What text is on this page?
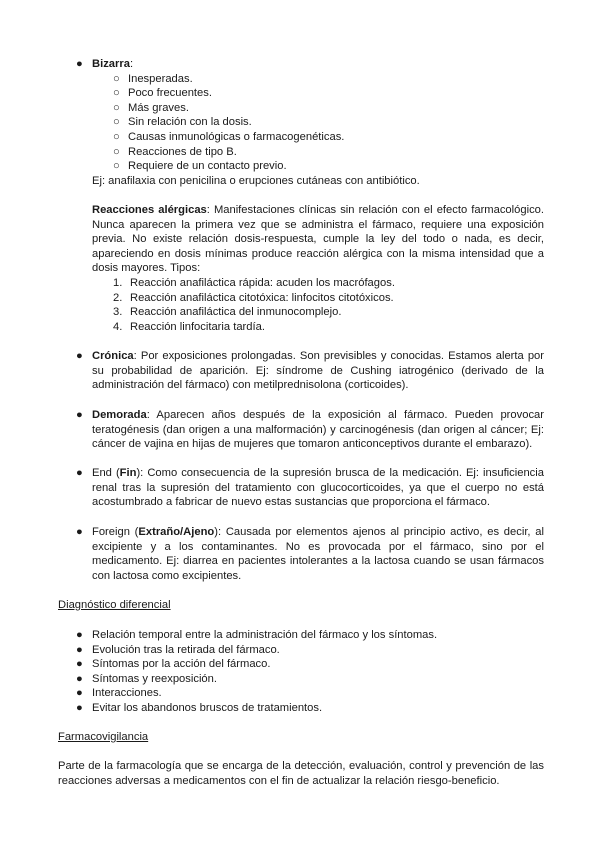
● Bizarra:
○ Inesperadas.
○ Poco frecuentes.
○ Más graves.
○ Sin relación con la dosis.
○ Causas inmunológicas o farmacogenéticas.
○ Reacciones de tipo B.
○ Requiere de un contacto previo.
Ej: anafilaxia con penicilina o erupciones cutáneas con antibiótico.
Reacciones alérgicas: Manifestaciones clínicas sin relación con el efecto farmacológico. Nunca aparecen la primera vez que se administra el fármaco, requiere una exposición previa. No existe relación dosis-respuesta, cumple la ley del todo o nada, es decir, apareciendo en dosis mínimas produce reacción alérgica con la misma intensidad que a dosis mayores. Tipos:
1. Reacción anafiláctica rápida: acuden los macrófagos.
2. Reacción anafiláctica citotóxica: linfocitos citotóxicos.
3. Reacción anafiláctica del inmunocomplejo.
4. Reacción linfocitaria tardía.
● Crónica: Por exposiciones prolongadas. Son previsibles y conocidas. Estamos alerta por su probabilidad de aparición. Ej: síndrome de Cushing iatrogénico (derivado de la administración del fármaco) con metilprednisolona (corticoides).
● Demorada: Aparecen años después de la exposición al fármaco. Pueden provocar teratogénesis (dan origen a una malformación) y carcinogénesis (dan origen al cáncer; Ej: cáncer de vajina en hijas de mujeres que tomaron anticonceptivos durante el embarazo).
● End (Fin): Como consecuencia de la supresión brusca de la medicación. Ej: insuficiencia renal tras la supresión del tratamiento con glucocorticoides, ya que el cuerpo no está acostumbrado a fabricar de nuevo estas sustancias que proporciona el fármaco.
● Foreign (Extraño/Ajeno): Causada por elementos ajenos al principio activo, es decir, al excipiente y a los contaminantes. No es provocada por el fármaco, sino por el medicamento. Ej: diarrea en pacientes intolerantes a la lactosa cuando se usan fármacos con lactosa como excipientes.
Diagnóstico diferencial
● Relación temporal entre la administración del fármaco y los síntomas.
● Evolución tras la retirada del fármaco.
● Síntomas por la acción del fármaco.
● Síntomas y reexposición.
● Interacciones.
● Evitar los abandonos bruscos de tratamientos.
Farmacovigilancia
Parte de la farmacología que se encarga de la detección, evaluación, control y prevención de las reacciones adversas a medicamentos con el fin de actualizar la relación riesgo-beneficio.
